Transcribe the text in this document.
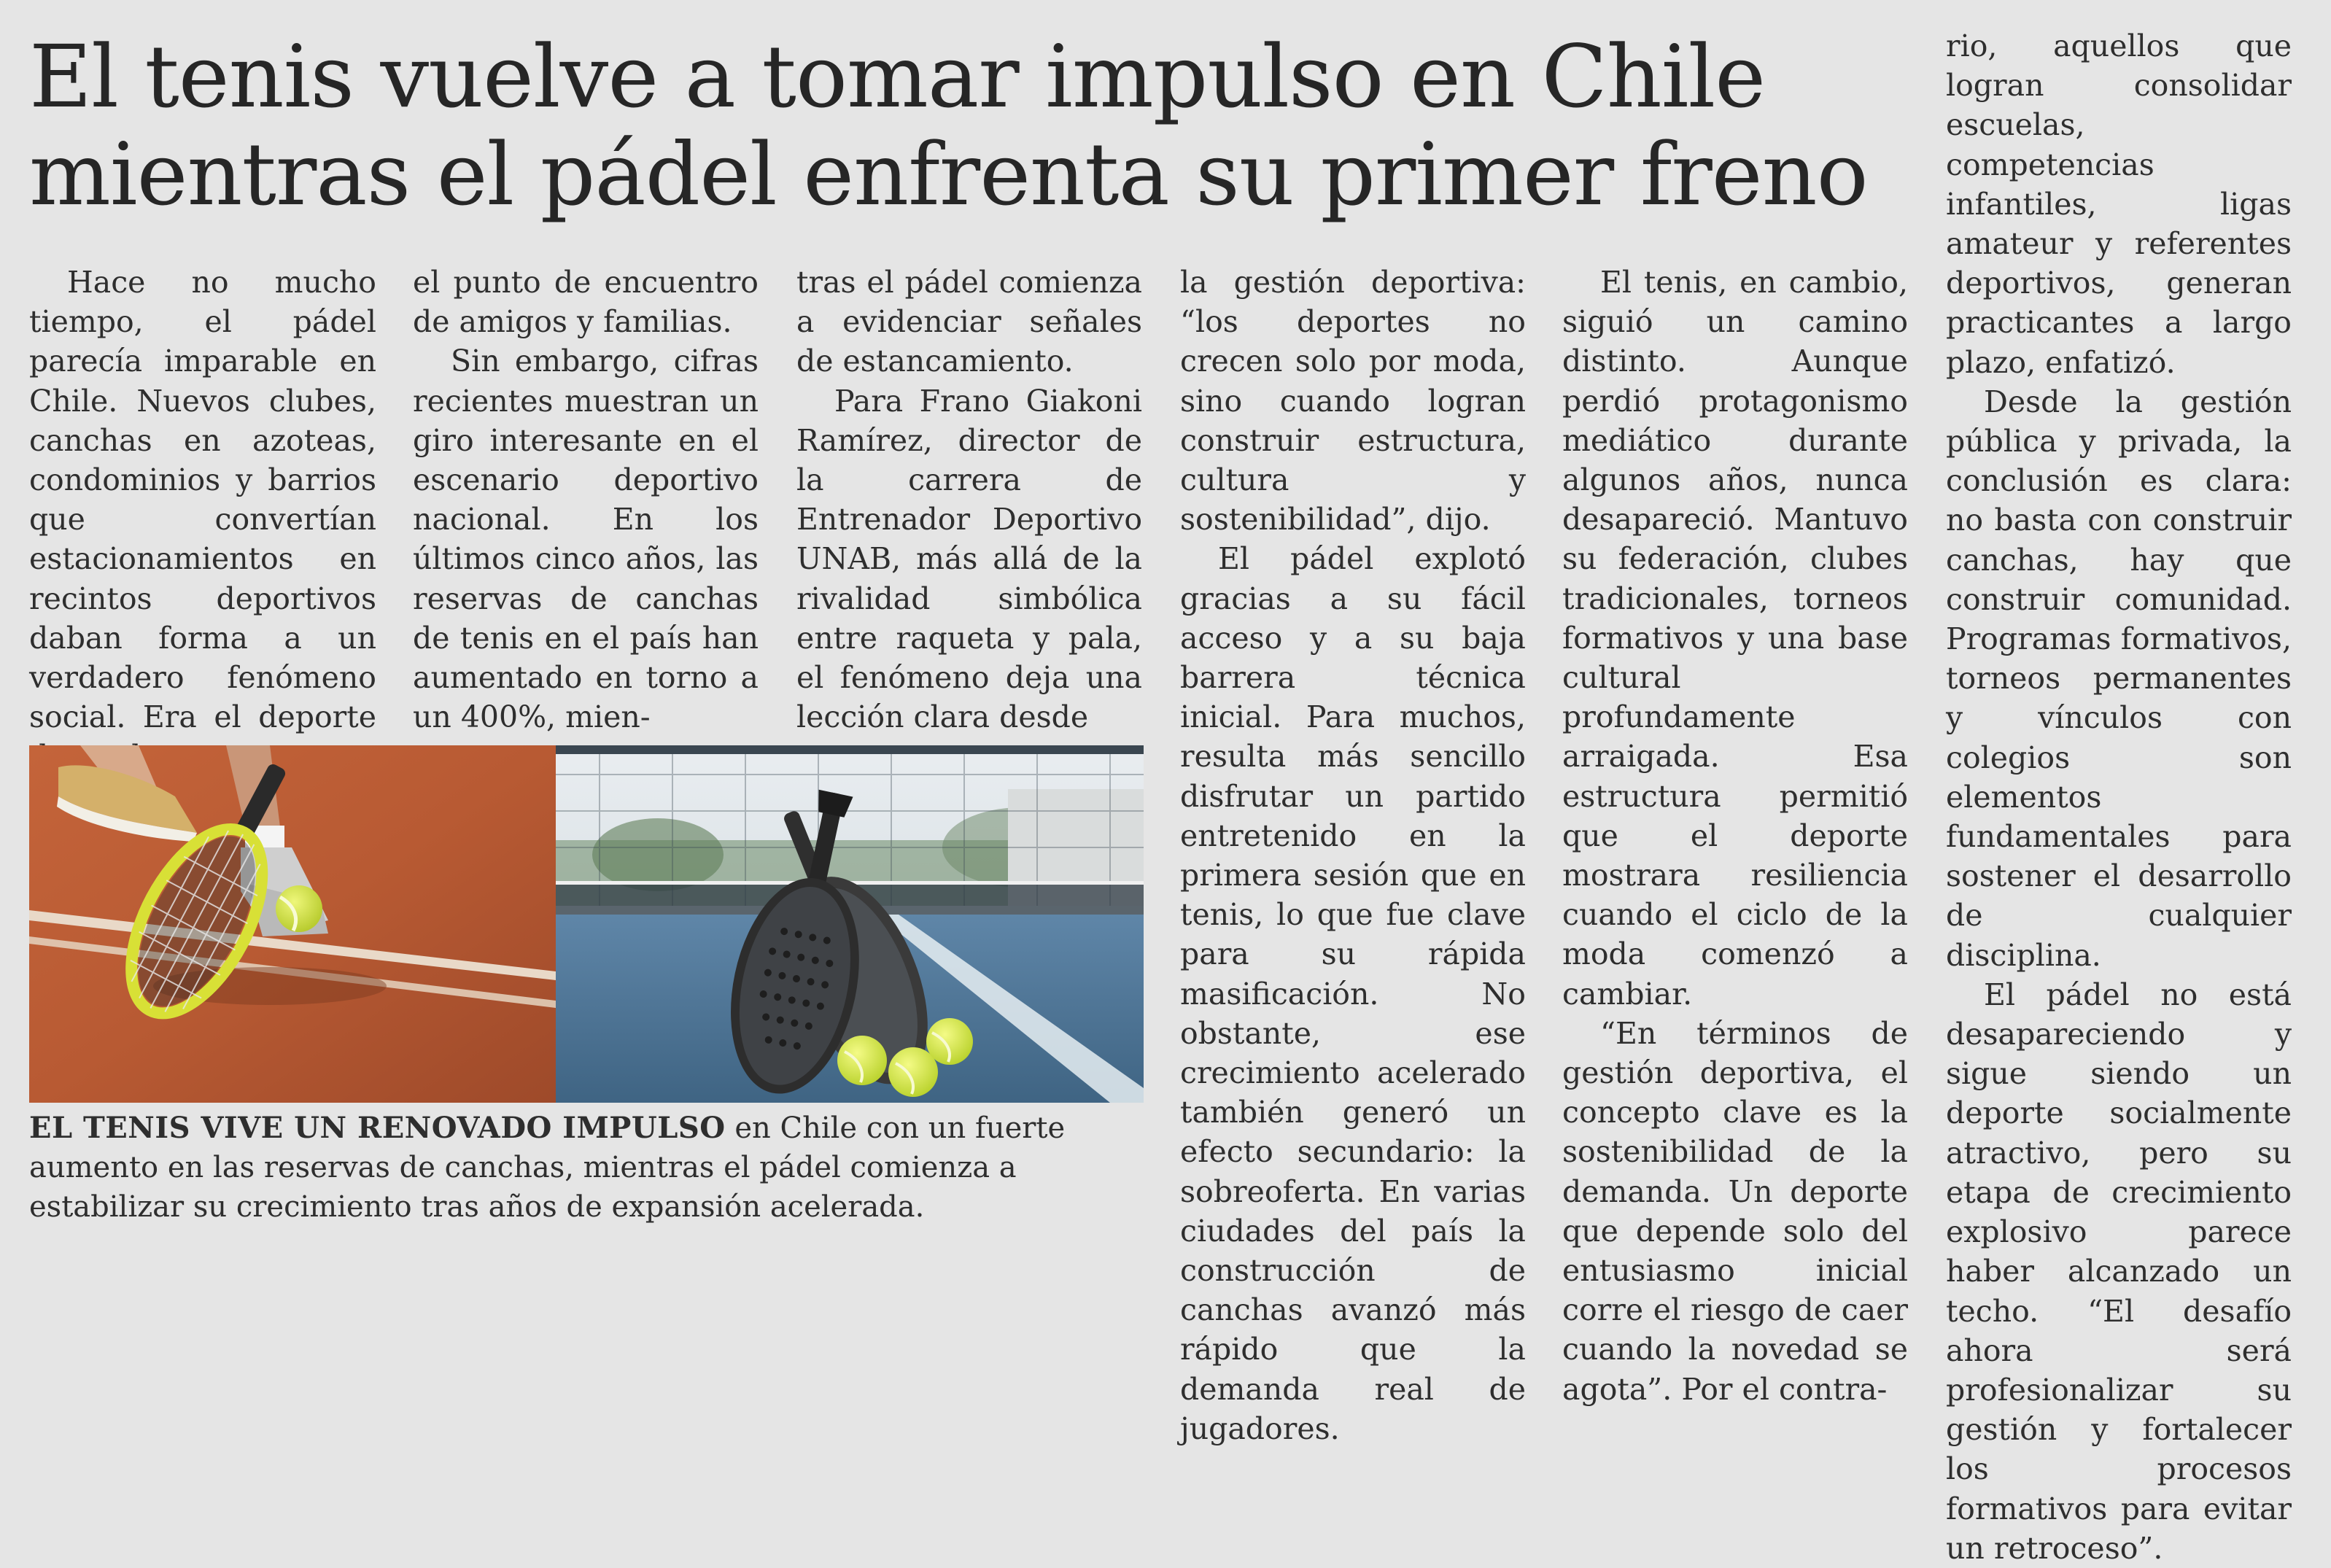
El tenis vuelve a tomar impulso en Chile
mientras el pádel enfrenta su primer freno

Hace no mucho tiempo, el pádel parecía imparable en Chile. Nuevos clubes, canchas en azoteas, condominios y barrios que convertían estacionamientos en recintos deportivos daban forma a un verdadero fenómeno social. Era el deporte

el punto de encuentro de amigos y familias.

Sin embargo, cifras recientes muestran un giro interesante en el escenario deportivo nacional. En los últimos cinco años, las reservas de canchas de tenis en el país han aumentado en torno a un 400%, mien-

tras el pádel comienza a evidenciar señales de estancamiento.

Para Frano Giakoni Ramírez, director de la carrera de Entrenador Deportivo UNAB, más allá de la rivalidad simbólica entre raqueta y pala, el fenómeno deja una lección clara desde

la gestión deportiva: “los deportes no crecen solo por moda, sino cuando logran construir estructura, cultura y sostenibilidad”, dijo.

El pádel explotó gracias a su fácil acceso y a su baja barrera técnica inicial. Para muchos, resulta más sencillo disfrutar un partido entretenido en la primera sesión que en tenis, lo que fue clave para su rápida masificación. No obstante, ese crecimiento acelerado también generó un efecto secundario: la sobreoferta. En varias ciudades del país la construcción de canchas avanzó más rápido que la demanda real de jugadores.

El tenis, en cambio, siguió un camino distinto. Aunque perdió protagonismo mediático durante algunos años, nunca desapareció. Mantuvo su federación, clubes tradicionales, torneos formativos y una base cultural profundamente arraigada. Esa estructura permitió que el deporte mostrara resiliencia cuando el ciclo de la moda comenzó a cambiar.

“En términos de gestión deportiva, el concepto clave es la sostenibilidad de la demanda. Un deporte que depende solo del entusiasmo inicial corre el riesgo de caer cuando la novedad se agota”. Por el contra-

rio, aquellos que logran consolidar escuelas, competencias infantiles, ligas amateur y referentes deportivos, generan practicantes a largo plazo, enfatizó.

Desde la gestión pública y privada, la conclusión es clara: no basta con construir canchas, hay que construir comunidad. Programas formativos, torneos permanentes y vínculos con colegios son elementos fundamentales para sostener el desarrollo de cualquier disciplina.

El pádel no está desapareciendo y sigue siendo un deporte socialmente atractivo, pero su etapa de crecimiento explosivo parece haber alcanzado un techo. “El desafío ahora será profesionalizar su gestión y fortalecer los procesos formativos para evitar un retroceso”.

EL TENIS VIVE UN RENOVADO IMPULSO en Chile con un fuerte aumento en las reservas de canchas, mientras el pádel comienza a estabilizar su crecimiento tras años de expansión acelerada.
